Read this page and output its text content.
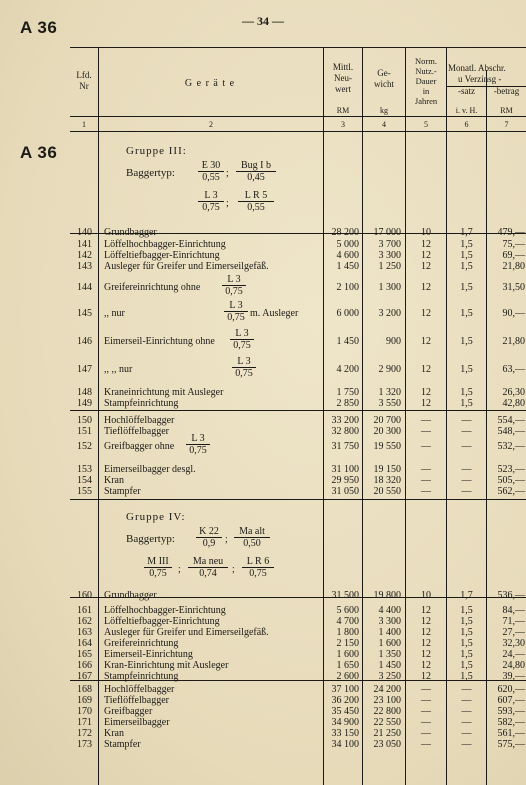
A 36
A 36
— 34 —
Lfd.
Nr	G e r ä t e
Mittl.
Neu-
wert
RM
Ge-
wicht
kg
Norm.
Nutz.-
Dauer
in
Jahren
Monatl. Abschr.
u Verzinsg -
-satz	-betrag
i. v. H.	RM
1	2	3	4	5	6	7
Gruppe III:
Baggertyp: $\frac{E 30}{0,55}$ ;
Bug I b
0,45
$\frac{L 3}{0,75}$ ; $\frac{\text{L R 5}}{0,55}$
Gruppe IV:
Baggertyp: $\frac{K 22}{0,9}$ ;
Ma alt
0,50
M III
0,75	;
Ma neu
0,74	; $\frac{\text{L R 6}}{0,75}$
140 Grundbagger	28 200	17 000	10	1,7	479,—
141 Löffelhochbagger-Einrichtung	5 000	3 700	12	1,5	75,—
142 Löffeltiefbagger-Einrichtung	4 600	3 300	12	1,5	69,—
143 Ausleger für Greifer und Eimerseilgefäß.	1 450	1 250	12	1,5	21,80
144 Greifereinrichtung ohne $\frac{L 3}{0,75}$	2 100	1 300	12	1,5	31,50
145 ,, nur	$\frac{L 3}{0,75} m$. Ausleger	6 000	3 200	12	1,5	90,—
146 Eimerseil-Einrichtung ohne $\frac{L 3}{0,75}$	1 450	900	12	1,5	21,80
147 ,, ,, nur	$\frac{L 3}{0,75}$	4 200	2 900	12	1,5	63,—
148 Kraneinrichtung mit Ausleger	1 750	1 320	12	1,5	26,30
149 Stampfeinrichtung	2 850	3 550	12	1,5	42,80
150 Hochlöffelbagger	33 200	20 700	—	—	554,—
151 Tieflöffelbagger	32 800	20 300	—	—	548,—
152 Greifbagger ohne $\frac{L 3}{0,75}$	31 750	19 550	—	—	532,—
153 Eimerseilbagger desgl.	31 100	19 150	—	—	523,—
154 Kran	29 950	18 320	—	—	505,—
155 Stampfer	31 050	20 550	—	—	562,—
160 Grundbagger	31 500	19 800	10	1,7	536,—
161 Löffelhochbagger-Einrichtung	5 600	4 400	12	1,5	84,—
162 Löffeltiefbagger-Einrichtung	4 700	3 300	12	1,5	71,—
163 Ausleger für Greifer und Eimerseilgefäß.	1 800	1 400	12	1,5	27,—
164 Greifereinrichtung	2 150	1 600	12	1,5	32,30
165 Eimerseil-Einrichtung	1 600	1 350	12	1,5	24,—
166 Kran-Einrichtung mit Ausleger	1 650	1 450	12	1,5	24,80
167 Stampfeinrichtung	2 600	3 250	12	1,5	39,—
168 Hochlöffelbagger	37 100	24 200	—	—	620,—
169 Tieflöffelbagger	36 200	23 100	—	—	607,—
170 Greifbagger	35 450	22 800	—	—	593,—
171 Eimerseilbagger	34 900	22 550	—	—	582,—
172 Kran	33 150	21 250	—	—	561,—
173 Stampfer	34 100	23 050	—	—	575,—
